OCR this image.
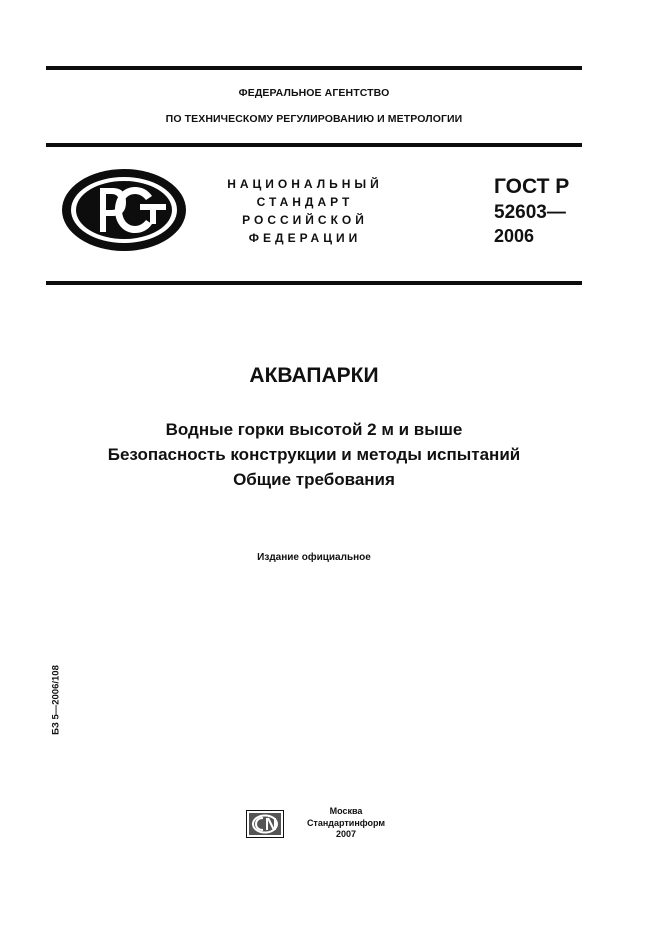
ФЕДЕРАЛЬНОЕ АГЕНТСТВО
ПО ТЕХНИЧЕСКОМУ РЕГУЛИРОВАНИЮ И МЕТРОЛОГИИ
НАЦИОНАЛЬНЫЙ
СТАНДАРТ
РОССИЙСКОЙ
ФЕДЕРАЦИИ
ГОСТ Р
52603—
2006
АКВАПАРКИ
Водные горки высотой 2 м и выше
Безопасность конструкции и методы испытаний
Общие требования
Издание официальное
БЗ 5—2006/108
Москва
Стандартинформ
2007
